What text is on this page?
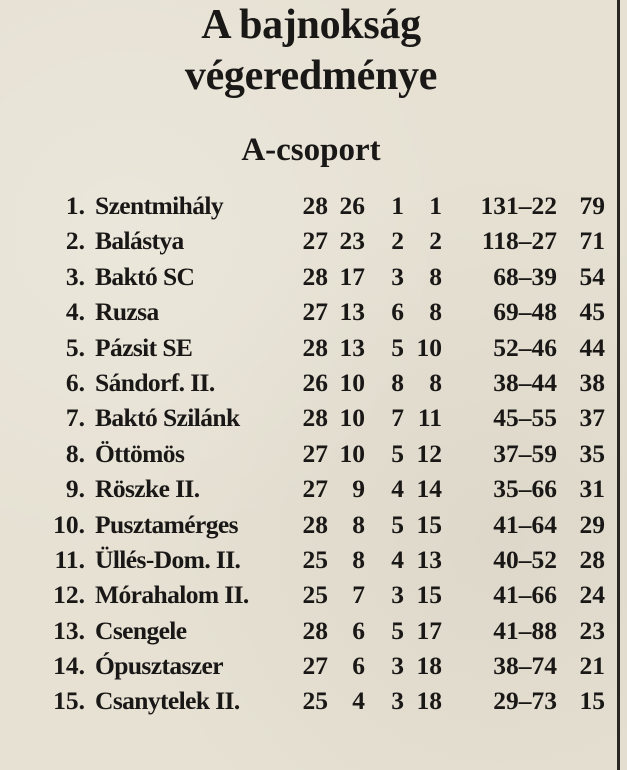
A bajnokság
végeredménye
A-csoport
1. Szentmihály	28 26 1 1 131–22 79
2. Balástya	27 23 2 2 118–27 71
3. Baktó SC	28 17 3 8 68–39 54
4. Ruzsa	27 13 6 8 69–48 45
5. Pázsit SE	28 13 5 10 52–46 44
6. Sándorf. II.	26 10 8 8 38–44 38
7. Baktó Szilánk 28 10 7 11 45–55 37
8. Öttömös	27 10 5 12 37–59 35
9. Röszke II.	27 9 4 14 35–66 31
10. Pusztamérges	28 8 5 15 41–64 29
11. Üllés-Dom. II. 25 8 4 13 40–52 28
12. Mórahalom II. 25 7 3 15 41–66 24
13. Csengele	28 6 5 17 41–88 23
14. Ópusztaszer	27 6 3 18 38–74 21
15. Csanytelek II. 25 4 3 18 29–73 15
